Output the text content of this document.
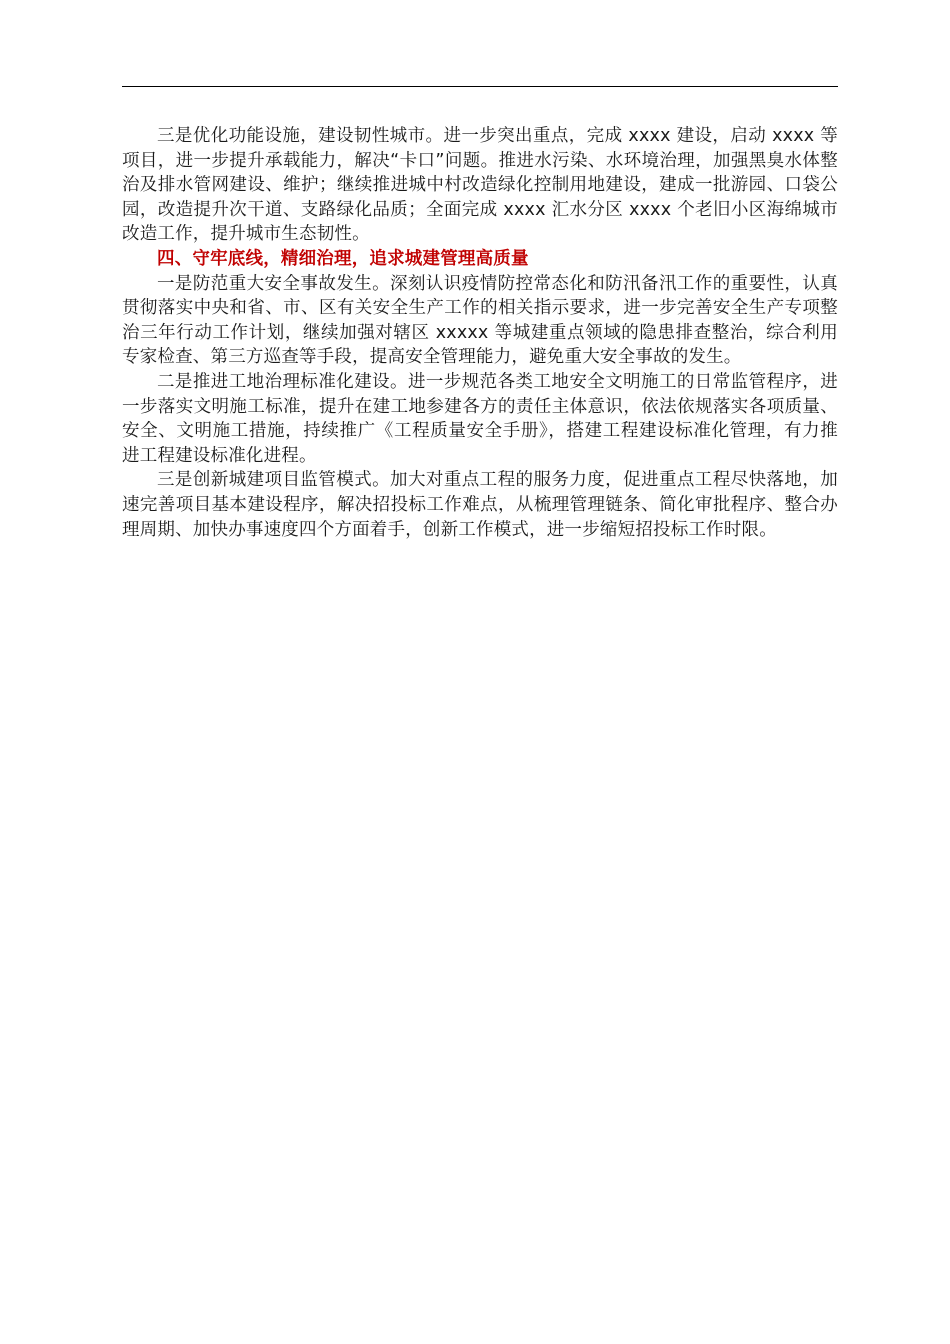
三是优化功能设施，建设韧性城市。进一步突出重点，完成 xxxx 建设，启动 xxxx 等项目，进一步提升承载能力，解决“卡口”问题。推进水污染、水环境治理，加强黑臭水体整治及排水管网建设、维护；继续推进城中村改造绿化控制用地建设，建成一批游园、口袋公园，改造提升次干道、支路绿化品质；全面完成 xxxx 汇水分区 xxxx 个老旧小区海绵城市改造工作，提升城市生态韧性。

四、守牢底线，精细治理，追求城建管理高质量

一是防范重大安全事故发生。深刻认识疫情防控常态化和防汛备汛工作的重要性，认真贯彻落实中央和省、市、区有关安全生产工作的相关指示要求，进一步完善安全生产专项整治三年行动工作计划，继续加强对辖区 xxxxx 等城建重点领域的隐患排查整治，综合利用专家检查、第三方巡查等手段，提高安全管理能力，避免重大安全事故的发生。

二是推进工地治理标准化建设。进一步规范各类工地安全文明施工的日常监管程序，进一步落实文明施工标准，提升在建工地参建各方的责任主体意识，依法依规落实各项质量、安全、文明施工措施，持续推广《工程质量安全手册》，搭建工程建设标准化管理，有力推进工程建设标准化进程。

三是创新城建项目监管模式。加大对重点工程的服务力度，促进重点工程尽快落地，加速完善项目基本建设程序，解决招投标工作难点，从梳理管理链条、简化审批程序、整合办理周期、加快办事速度四个方面着手，创新工作模式，进一步缩短招投标工作时限。
